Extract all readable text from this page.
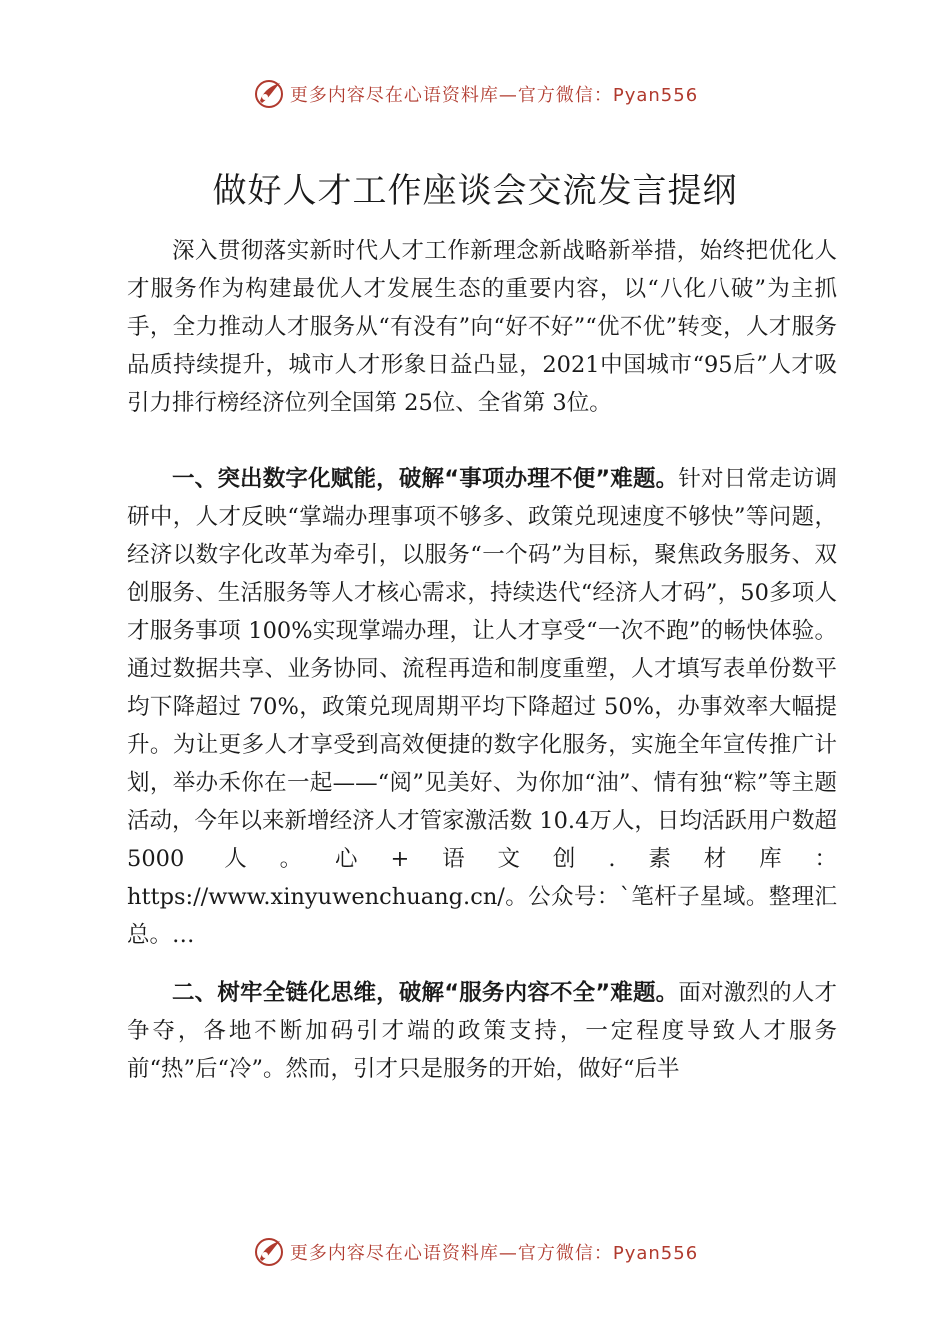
更多内容尽在心语资料库—官方微信：Pyan556
做好人才工作座谈会交流发言提纲

深入贯彻落实新时代人才工作新理念新战略新举措，始终把优化人才服务作为构建最优人才发展生态的重要内容，以“八化八破”为主抓手，全力推动人才服务从“有没有”向“好不好”“优不优”转变，人才服务品质持续提升，城市人才形象日益凸显，2021中国城市“95后”人才吸引力排行榜经济位列全国第 25位、全省第 3位。

一、突出数字化赋能，破解“事项办理不便”难题。针对日常走访调研中，人才反映“掌端办理事项不够多、政策兑现速度不够快”等问题，经济以数字化改革为牵引，以服务“一个码”为目标，聚焦政务服务、双创服务、生活服务等人才核心需求，持续迭代“经济人才码”，50多项人才服务事项 100%实现掌端办理，让人才享受“一次不跑”的畅快体验。通过数据共享、业务协同、流程再造和制度重塑，人才填写表单份数平均下降超过 70%，政策兑现周期平均下降超过 50%，办事效率大幅提升。为让更多人才享受到高效便捷的数字化服务，实施全年宣传推广计划，举办禾你在一起——“阅”见美好、为你加“油”、情有独“粽”等主题活动，今年以来新增经济人才管家激活数 10.4万人，日均活跃用户数超 5000 人。心+语文创.素材库：https://www.xinyuwenchuang.cn/。公众号：`笔杆子星域。整理汇总。…

二、树牢全链化思维，破解“服务内容不全”难题。面对激烈的人才争夺，各地不断加码引才端的政策支持，一定程度导致人才服务前“热”后“冷”。然而，引才只是服务的开始，做好“后半

更多内容尽在心语资料库—官方微信：Pyan556
